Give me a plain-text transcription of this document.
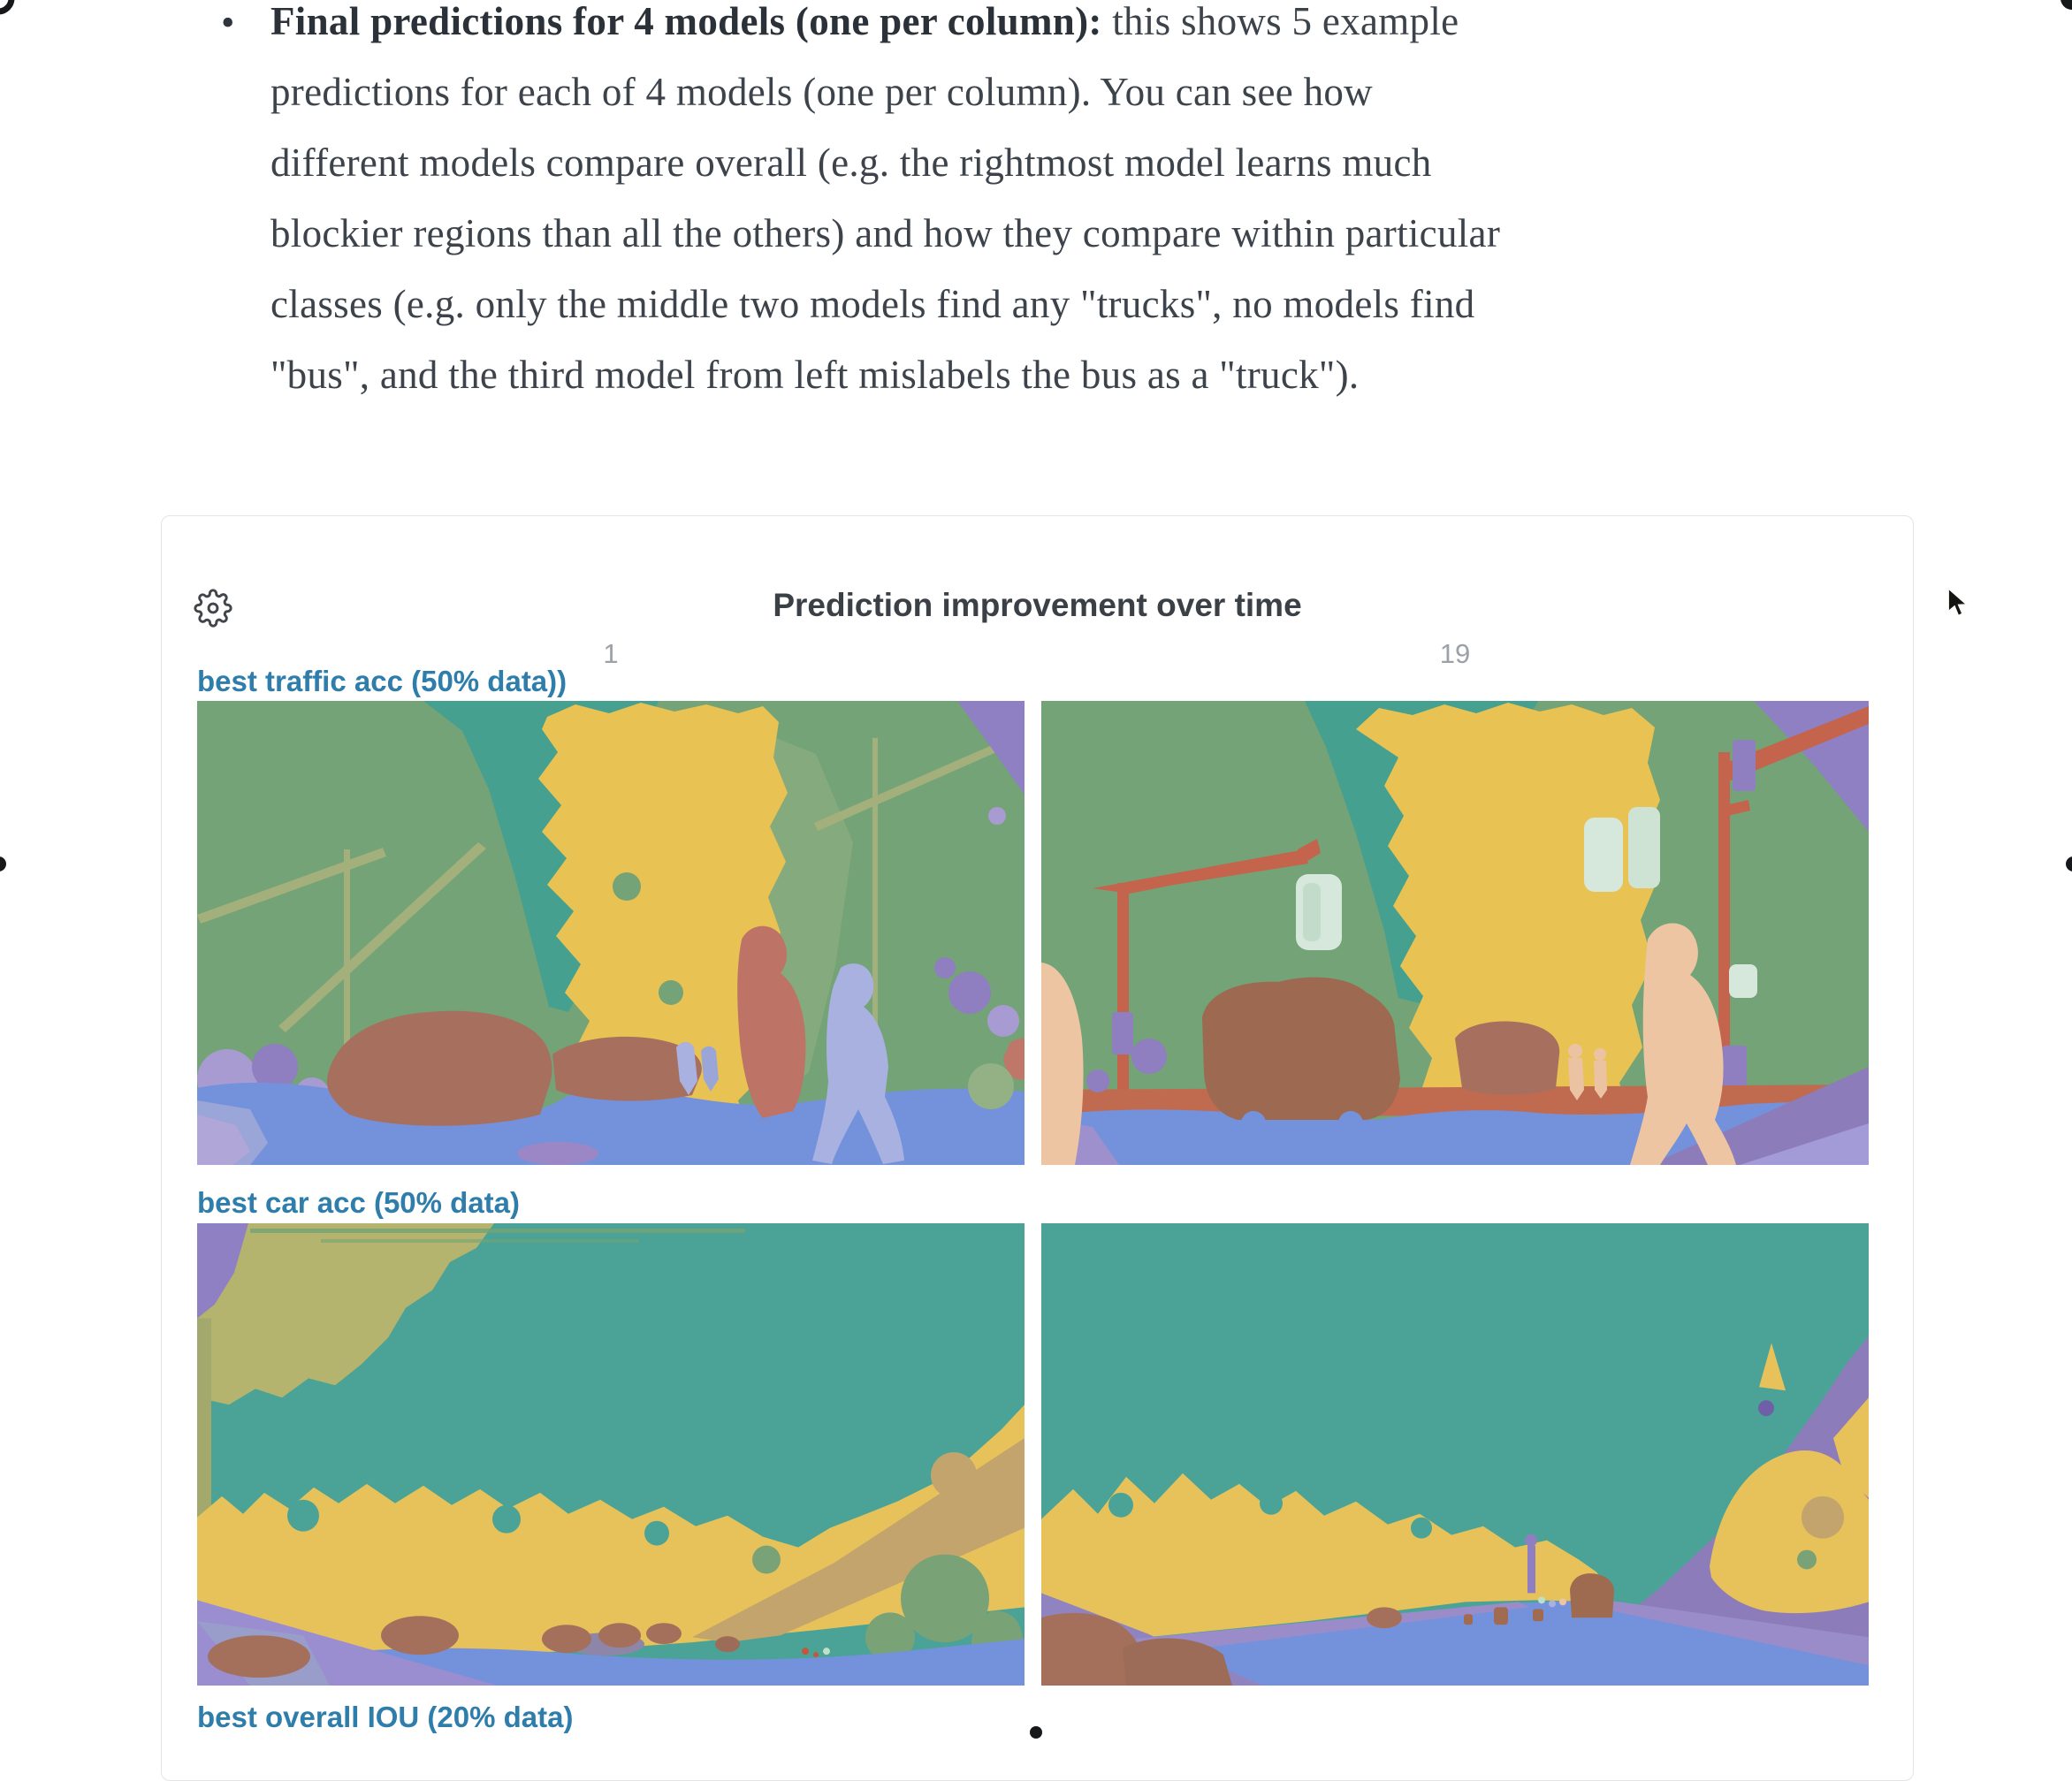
• Final predictions for 4 models (one per column): this shows 5 example
predictions for each of 4 models (one per column). You can see how
different models compare overall (e.g. the rightmost model learns much
blockier regions than all the others) and how they compare within particular
classes (e.g. only the middle two models find any "trucks", no models find
"bus", and the third model from left mislabels the bus as a "truck").
Prediction improvement over time
1	19
best traffic acc (50% data))
best car acc (50% data)
best overall IOU (20% data)
